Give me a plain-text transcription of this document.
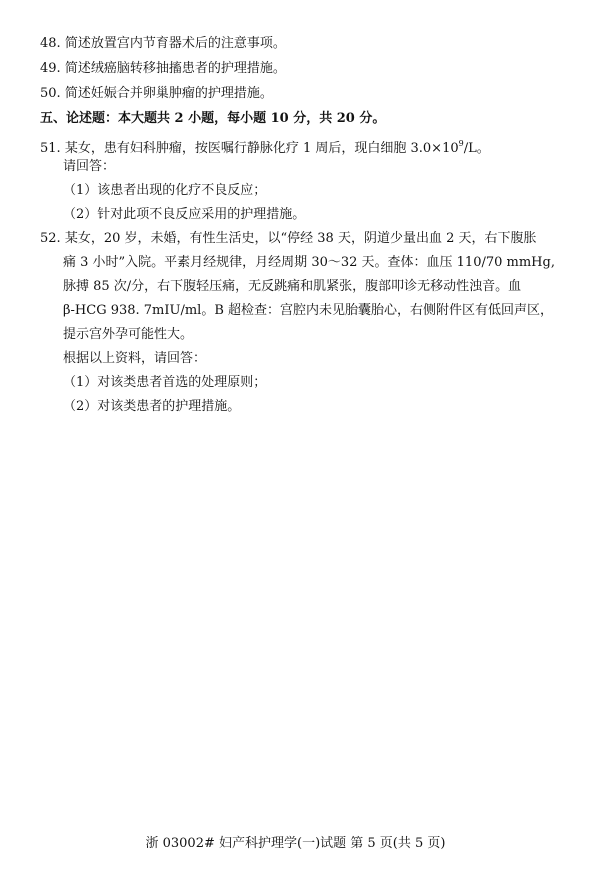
48. 简述放置宫内节育器术后的注意事项。
49. 简述绒癌脑转移抽搐患者的护理措施。
50. 简述妊娠合并卵巢肿瘤的护理措施。
五、论述题：本大题共 2 小题，每小题 10 分，共 20 分。
51. 某女，患有妇科肿瘤，按医嘱行静脉化疗 1 周后，现白细胞 $3.0\times 10^9/L$。
请回答：
（1）该患者出现的化疗不良反应；
（2）针对此项不良反应采用的护理措施。
52. 某女，20 岁，未婚，有性生活史，以“停经 38 天，阴道少量出血 2 天，右下腹胀
痛 3 小时”入院。平素月经规律，月经周期 30～32 天。查体：血压 110/70 mmHg,
脉搏 85 次/分，右下腹轻压痛，无反跳痛和肌紧张，腹部叩诊无移动性浊音。血
β-HCG 938. 7mIU/ml。B 超检查：宫腔内未见胎囊胎心，右侧附件区有低回声区，
提示宫外孕可能性大。
根据以上资料，请回答：
（1）对该类患者首选的处理原则；
（2）对该类患者的护理措施。
浙 03002# 妇产科护理学(一)试题 第 5 页(共 5 页)
